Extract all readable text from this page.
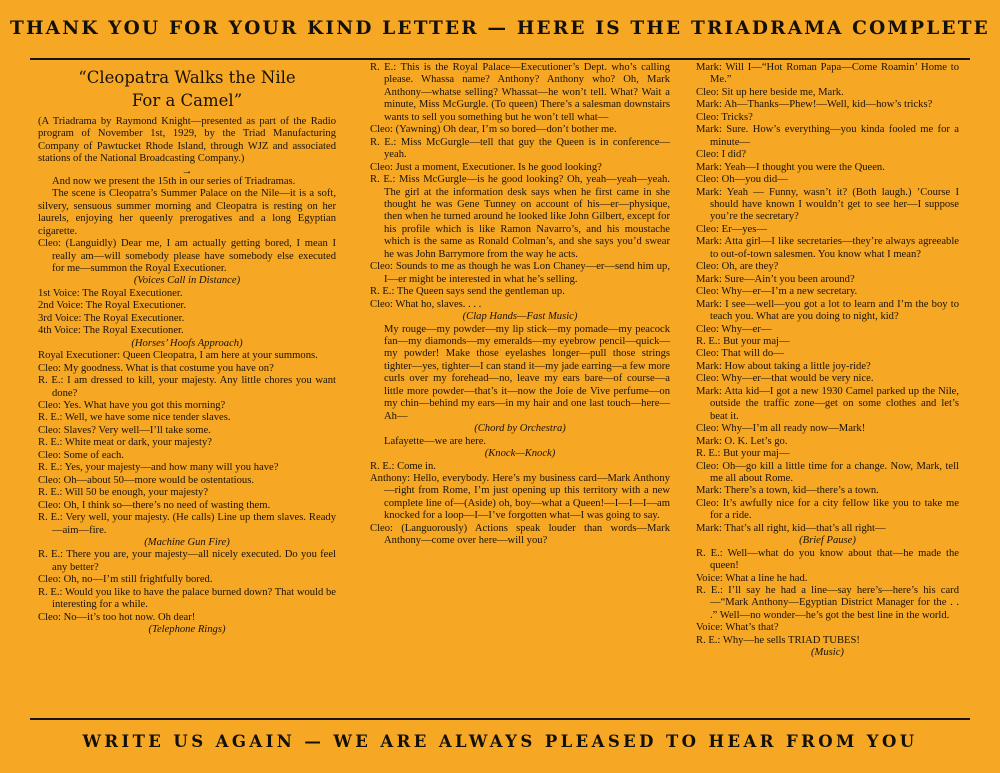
THANK YOU FOR YOUR KIND LETTER — HERE IS THE TRIADRAMA COMPLETE
“Cleopatra Walks the Nile
For a Camel”

(A Triadrama by Raymond Knight—presented as part of the Radio program of November 1st, 1929, by the Triad Manufacturing Company of Pawtucket Rhode Island, through WJZ and associated stations of the National Broadcasting Company.)

→

And now we present the 15th in our series of Triadramas.

The scene is Cleopatra’s Summer Palace on the Nile—it is a soft, silvery, sensuous summer morning and Cleopatra is resting on her laurels, enjoying her queenly prerogatives and a long Egyptian cigarette.

Cleo: (Languidly) Dear me, I am actually getting bored, I mean I really am—will somebody please have somebody else executed for me—summon the Royal Executioner.

(Voices Call in Distance)

1st Voice: The Royal Executioner.

2nd Voice: The Royal Executioner.

3rd Voice: The Royal Executioner.

4th Voice: The Royal Executioner.

(Horses’ Hoofs Approach)

Royal Executioner: Queen Cleopatra, I am here at your summons.

Cleo: My goodness. What is that costume you have on?

R. E.: I am dressed to kill, your majesty. Any little chores you want done?

Cleo: Yes. What have you got this morning?

R. E.: Well, we have some nice tender slaves.

Cleo: Slaves? Very well—I’ll take some.

R. E.: White meat or dark, your majesty?

Cleo: Some of each.

R. E.: Yes, your majesty—and how many will you have?

Cleo: Oh—about 50—more would be ostentatious.

R. E.: Will 50 be enough, your majesty?

Cleo: Oh, I think so—there’s no need of wasting them.

R. E.: Very well, your majesty. (He calls) Line up them slaves. Ready—aim—fire.

(Machine Gun Fire)

R. E.: There you are, your majesty—all nicely executed. Do you feel any better?

Cleo: Oh, no—I’m still frightfully bored.

R. E.: Would you like to have the palace burned down? That would be interesting for a while.

Cleo: No—it’s too hot now. Oh dear!

(Telephone Rings)

R. E.: This is the Royal Palace—Executioner’s Dept. who’s calling please. Whassa name? Anthony? Anthony who? Oh, Mark Anthony—whatse selling? Whassat—he won’t tell. What? Wait a minute, Miss McGurgle. (To queen) There’s a salesman downstairs wants to sell you something but he won’t tell what—

Cleo: (Yawning) Oh dear, I’m so bored—don’t bother me.

R. E.: Miss McGurgle—tell that guy the Queen is in conference—yeah.

Cleo: Just a moment, Executioner. Is he good looking?

R. E.: Miss McGurgle—is he good looking? Oh, yeah—yeah—yeah. The girl at the information desk says when he first came in she thought he was Gene Tunney on account of his—er—physique, then when he turned around he looked like John Gilbert, except for his profile which is like Ramon Navarro’s, and his moustache which is the same as Ronald Colman’s, and she says you’d swear he was John Barrymore from the way he acts.

Cleo: Sounds to me as though he was Lon Chaney—er—send him up, I—er might be interested in what he’s selling.

R. E.: The Queen says send the gentleman up.

Cleo: What ho, slaves. . . .

(Clap Hands—Fast Music)

My rouge—my powder—my lip stick—my pomade—my peacock fan—my diamonds—my emeralds—my eyebrow pencil—quick—my powder! Make those eyelashes longer—pull those strings tighter—yes, tighter—I can stand it—my jade earring—a few more curls over my forehead—no, leave my ears bare—of course—a little more powder—that’s it—now the Joie de Vive perfume—on my chin—behind my ears—in my hair and one last touch—here—Ah—

(Chord by Orchestra)

Lafayette—we are here.

(Knock—Knock)

R. E.: Come in.

Anthony: Hello, everybody. Here’s my business card—Mark Anthony—right from Rome, I’m just opening up this territory with a new complete line of—(Aside) oh, boy—what a Queen!—I—I—I—am knocked for a loop—I—I’ve forgotten what—I was going to say.

Cleo: (Languorously) Actions speak louder than words—Mark Anthony—come over here—will you?

Mark: Will I—“Hot Roman Papa—Come Roamin’ Home to Me.”

Cleo: Sit up here beside me, Mark.

Mark: Ah—Thanks—Phew!—Well, kid—how’s tricks?

Cleo: Tricks?

Mark: Sure. How’s everything—you kinda fooled me for a minute—

Cleo: I did?

Mark: Yeah—I thought you were the Queen.

Cleo: Oh—you did—

Mark: Yeah — Funny, wasn’t it? (Both laugh.) ’Course I should have known I wouldn’t get to see her—I suppose you’re the secretary?

Cleo: Er—yes—

Mark: Atta girl—I like secretaries—they’re always agreeable to out-of-town salesmen. You know what I mean?

Cleo: Oh, are they?

Mark: Sure—Ain’t you been around?

Cleo: Why—er—I’m a new secretary.

Mark: I see—well—you got a lot to learn and I’m the boy to teach you. What are you doing to night, kid?

Cleo: Why—er—

R. E.: But your maj—

Cleo: That will do—

Mark: How about taking a little joy-ride?

Cleo: Why—er—that would be very nice.

Mark: Atta kid—I got a new 1930 Camel parked up the Nile, outside the traffic zone—get on some clothes and let’s beat it.

Cleo: Why—I’m all ready now—Mark!

Mark: O. K. Let’s go.

R. E.: But your maj—

Cleo: Oh—go kill a little time for a change. Now, Mark, tell me all about Rome.

Mark: There’s a town, kid—there’s a town.

Cleo: It’s awfully nice for a city fellow like you to take me for a ride.

Mark: That’s all right, kid—that’s all right—

(Brief Pause)

R. E.: Well—what do you know about that—he made the queen!

Voice: What a line he had.

R. E.: I’ll say he had a line—say here’s—here’s his card—“Mark Anthony—Egyptian District Manager for the . . .” Well—no wonder—he’s got the best line in the world.

Voice: What’s that?

R. E.: Why—he sells TRIAD TUBES!

(Music)

WRITE US AGAIN — WE ARE ALWAYS PLEASED TO HEAR FROM YOU
